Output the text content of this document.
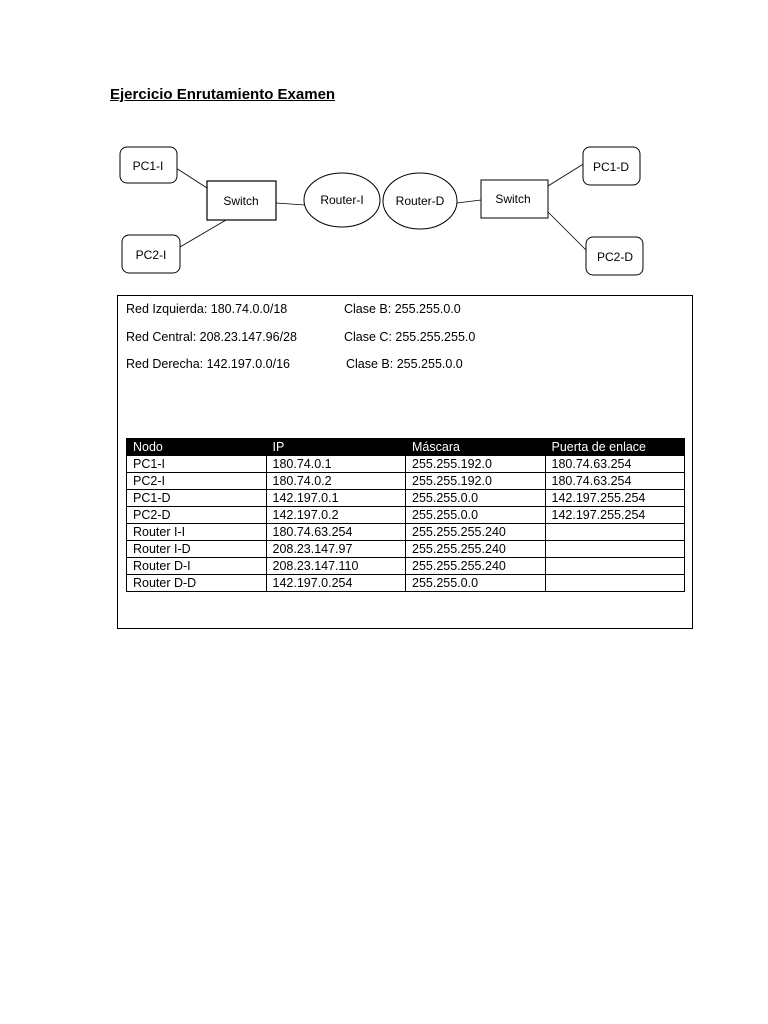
Ejercicio Enrutamiento Examen
PC1-I
PC2-I
Switch	Router-I	Router-D	Switch
PC1-D
PC2-D
Red Izquierda: 180.74.0.0/18	Clase B: 255.255.0.0
Red Central: 208.23.147.96/28	Clase C: 255.255.255.0
Red Derecha: 142.197.0.0/16	Clase B: 255.255.0.0
Nodo	IP	Máscara	Puerta de enlace
PC1-I	180.74.0.1	255.255.192.0	180.74.63.254
PC2-I	180.74.0.2	255.255.192.0	180.74.63.254
PC1-D	142.197.0.1	255.255.0.0	142.197.255.254
PC2-D	142.197.0.2	255.255.0.0	142.197.255.254
Router I-I	180.74.63.254	255.255.255.240	
Router I-D	208.23.147.97	255.255.255.240	
Router D-I	208.23.147.110	255.255.255.240	
Router D-D	142.197.0.254	255.255.0.0	
